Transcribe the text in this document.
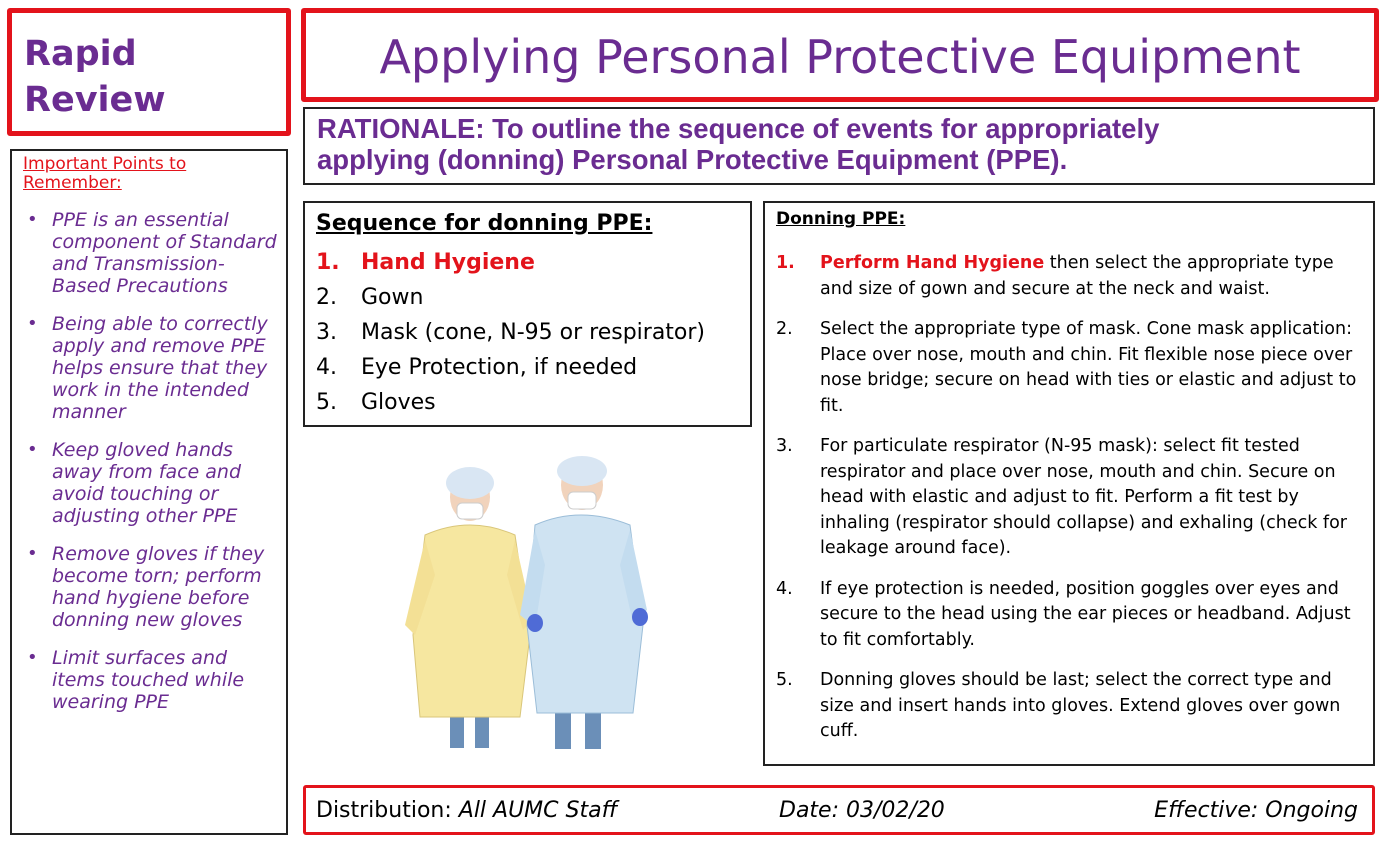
Rapid
Review
Applying Personal Protective Equipment
RATIONALE: To outline the sequence of events for appropriately
applying (donning) Personal Protective Equipment (PPE).
Important Points to
Remember:
• PPE is an essential component of Standard and Transmission-Based Precautions
• Being able to correctly apply and remove PPE helps ensure that they work in the intended manner
• Keep gloved hands away from face and avoid touching or adjusting other PPE
• Remove gloves if they become torn; perform hand hygiene before donning new gloves
• Limit surfaces and items touched while wearing PPE
Sequence for donning PPE:
1. Hand Hygiene
2.	Gown
3.	Mask (cone, N-95 or respirator)
4.	Eye Protection, if needed
5.	Gloves
Donning PPE:
1.	Perform Hand Hygiene then select the appropriate type and size of gown and secure at the neck and waist.
2.	Select the appropriate type of mask. Cone mask application: Place over nose, mouth and chin. Fit flexible nose piece over nose bridge; secure on head with ties or elastic and adjust to fit.
3.	For particulate respirator (N-95 mask): select fit tested respirator and place over nose, mouth and chin. Secure on head with elastic and adjust to fit. Perform a fit test by inhaling (respirator should collapse) and exhaling (check for leakage around face).
4.	If eye protection is needed, position goggles over eyes and secure to the head using the ear pieces or headband. Adjust to fit comfortably.
5.	Donning gloves should be last; select the correct type and size and insert hands into gloves. Extend gloves over gown cuff.
Distribution: All AUMC Staff	Date: 03/02/20	Effective: Ongoing
